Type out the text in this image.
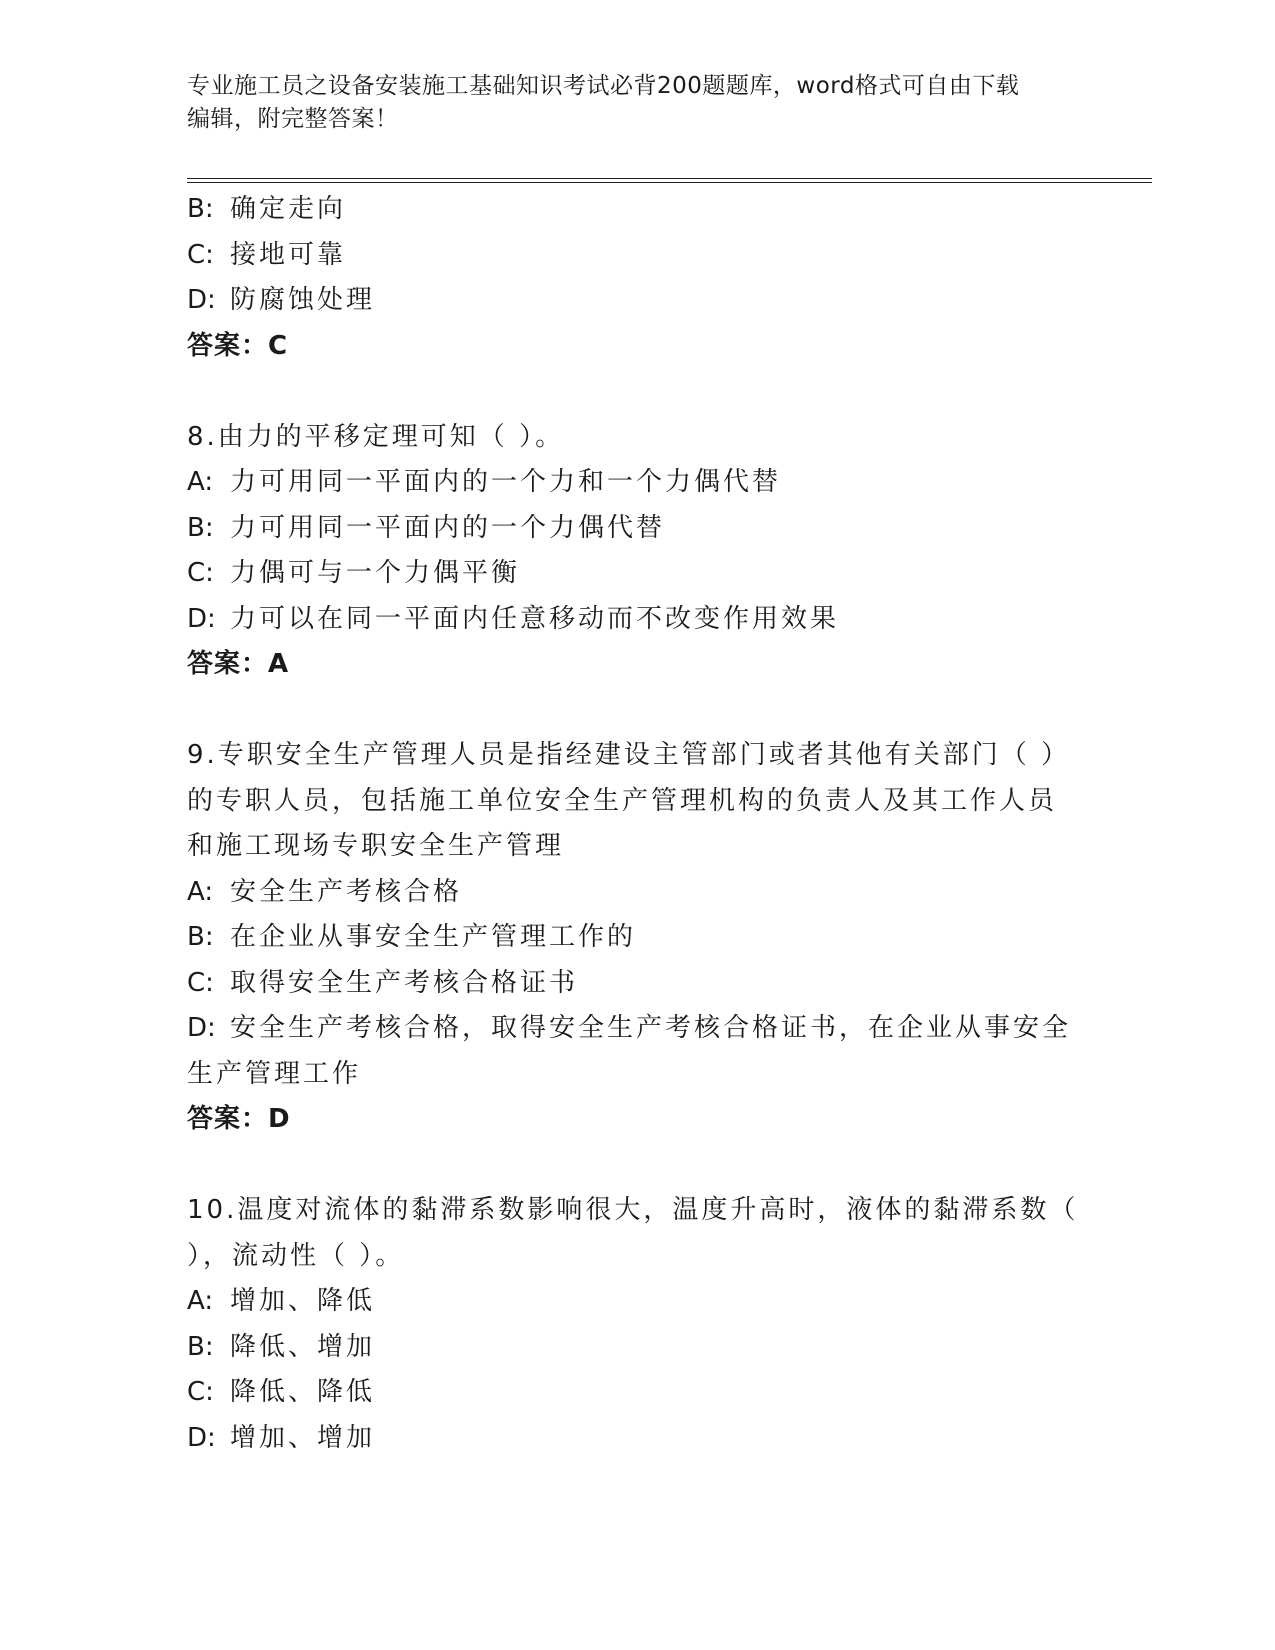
专业施工员之设备安装施工基础知识考试必背200题题库，word格式可自由下载
编辑，附完整答案！
B: 确定走向
C: 接地可靠
D: 防腐蚀处理
答案：C
8.由力的平移定理可知（ ）。
A: 力可用同一平面内的一个力和一个力偶代替
B: 力可用同一平面内的一个力偶代替
C: 力偶可与一个力偶平衡
D: 力可以在同一平面内任意移动而不改变作用效果
答案：A
9.专职安全生产管理人员是指经建设主管部门或者其他有关部门（ ）
的专职人员，包括施工单位安全生产管理机构的负责人及其工作人员
和施工现场专职安全生产管理
A: 安全生产考核合格
B: 在企业从事安全生产管理工作的
C: 取得安全生产考核合格证书
D: 安全生产考核合格，取得安全生产考核合格证书，在企业从事安全
生产管理工作
答案：D
10.温度对流体的黏滞系数影响很大，温度升高时，液体的黏滞系数（
），流动性（ ）。
A: 增加、降低
B: 降低、增加
C: 降低、降低
D: 增加、增加
